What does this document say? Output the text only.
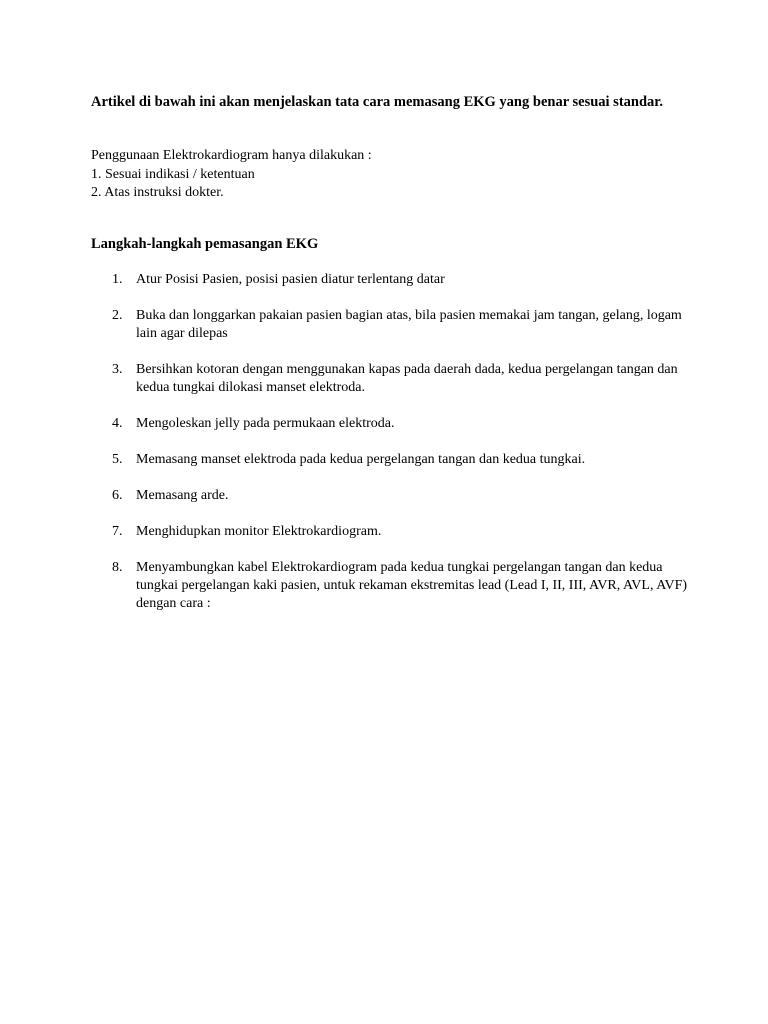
Artikel di bawah ini akan menjelaskan tata cara memasang EKG yang benar sesuai standar.
Penggunaan Elektrokardiogram hanya dilakukan :
1. Sesuai indikasi / ketentuan
2. Atas instruksi dokter.
Langkah-langkah pemasangan EKG
1. Atur Posisi Pasien, posisi pasien diatur terlentang datar
2. Buka dan longgarkan pakaian pasien bagian atas, bila pasien memakai jam tangan, gelang, logam lain agar dilepas
3. Bersihkan kotoran dengan menggunakan kapas pada daerah dada, kedua pergelangan tangan dan kedua tungkai dilokasi manset elektroda.
4. Mengoleskan jelly pada permukaan elektroda.
5. Memasang manset elektroda pada kedua pergelangan tangan dan kedua tungkai.
6. Memasang arde.
7. Menghidupkan monitor Elektrokardiogram.
8. Menyambungkan kabel Elektrokardiogram pada kedua tungkai pergelangan tangan dan kedua tungkai pergelangan kaki pasien, untuk rekaman ekstremitas lead (Lead I, II, III, AVR, AVL, AVF) dengan cara :
